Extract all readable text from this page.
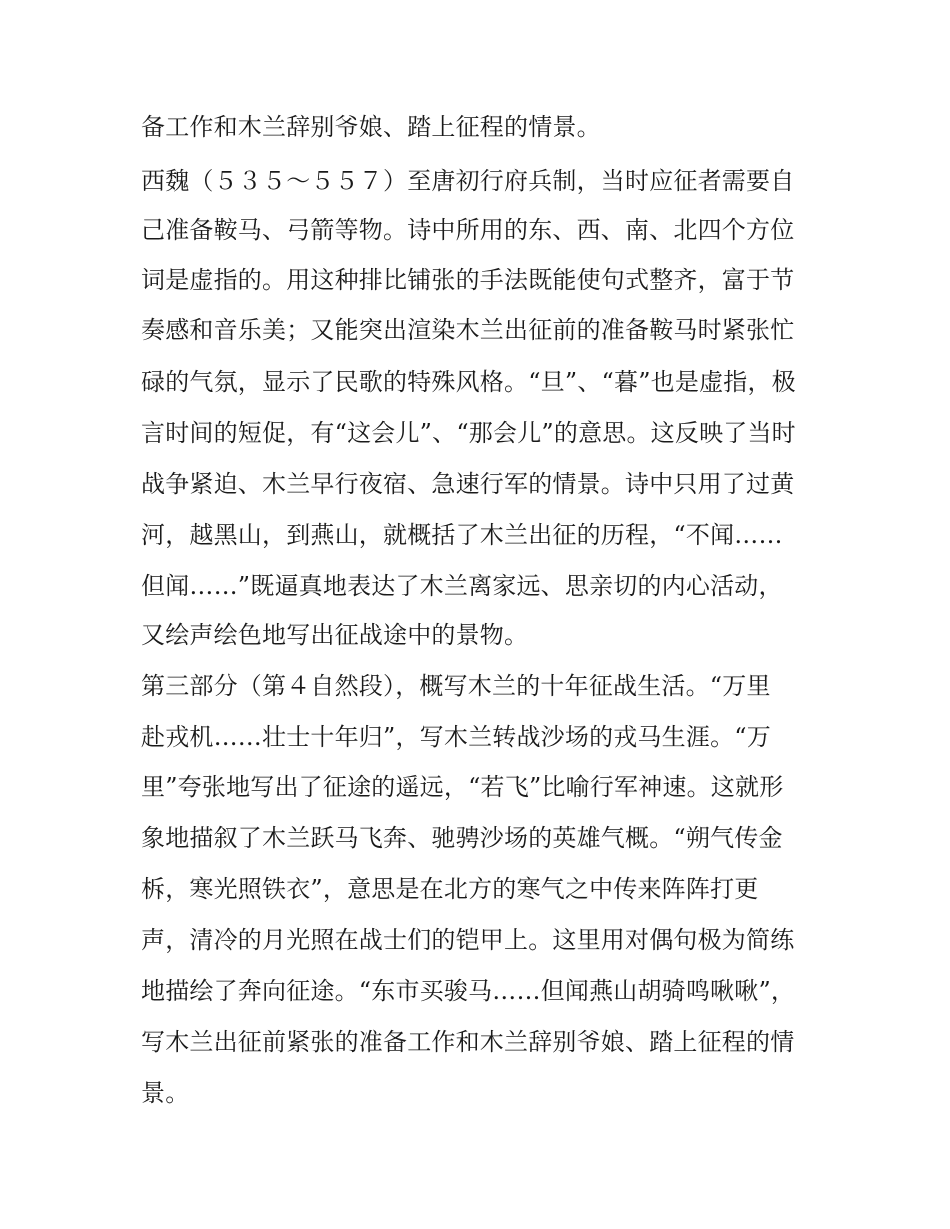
备工作和木兰辞别爷娘、踏上征程的情景。
西魏（５３５～５５７）至唐初行府兵制，当时应征者需要自
己准备鞍马、弓箭等物。诗中所用的东、西、南、北四个方位
词是虚指的。用这种排比铺张的手法既能使句式整齐，富于节
奏感和音乐美；又能突出渲染木兰出征前的准备鞍马时紧张忙
碌的气氛，显示了民歌的特殊风格。“旦”、“暮”也是虚指，极
言时间的短促，有“这会儿”、“那会儿”的意思。这反映了当时
战争紧迫、木兰早行夜宿、急速行军的情景。诗中只用了过黄
河，越黑山，到燕山，就概括了木兰出征的历程，“不闻……
但闻……”既逼真地表达了木兰离家远、思亲切的内心活动，
又绘声绘色地写出征战途中的景物。
第三部分（第４自然段），概写木兰的十年征战生活。“万里
赴戎机……壮士十年归”，写木兰转战沙场的戎马生涯。“万
里”夸张地写出了征途的遥远，“若飞”比喻行军神速。这就形
象地描叙了木兰跃马飞奔、驰骋沙场的英雄气概。“朔气传金
柝，寒光照铁衣”，意思是在北方的寒气之中传来阵阵打更
声，清冷的月光照在战士们的铠甲上。这里用对偶句极为简练
地描绘了奔向征途。“东市买骏马……但闻燕山胡骑鸣啾啾”，
写木兰出征前紧张的准备工作和木兰辞别爷娘、踏上征程的情
景。
